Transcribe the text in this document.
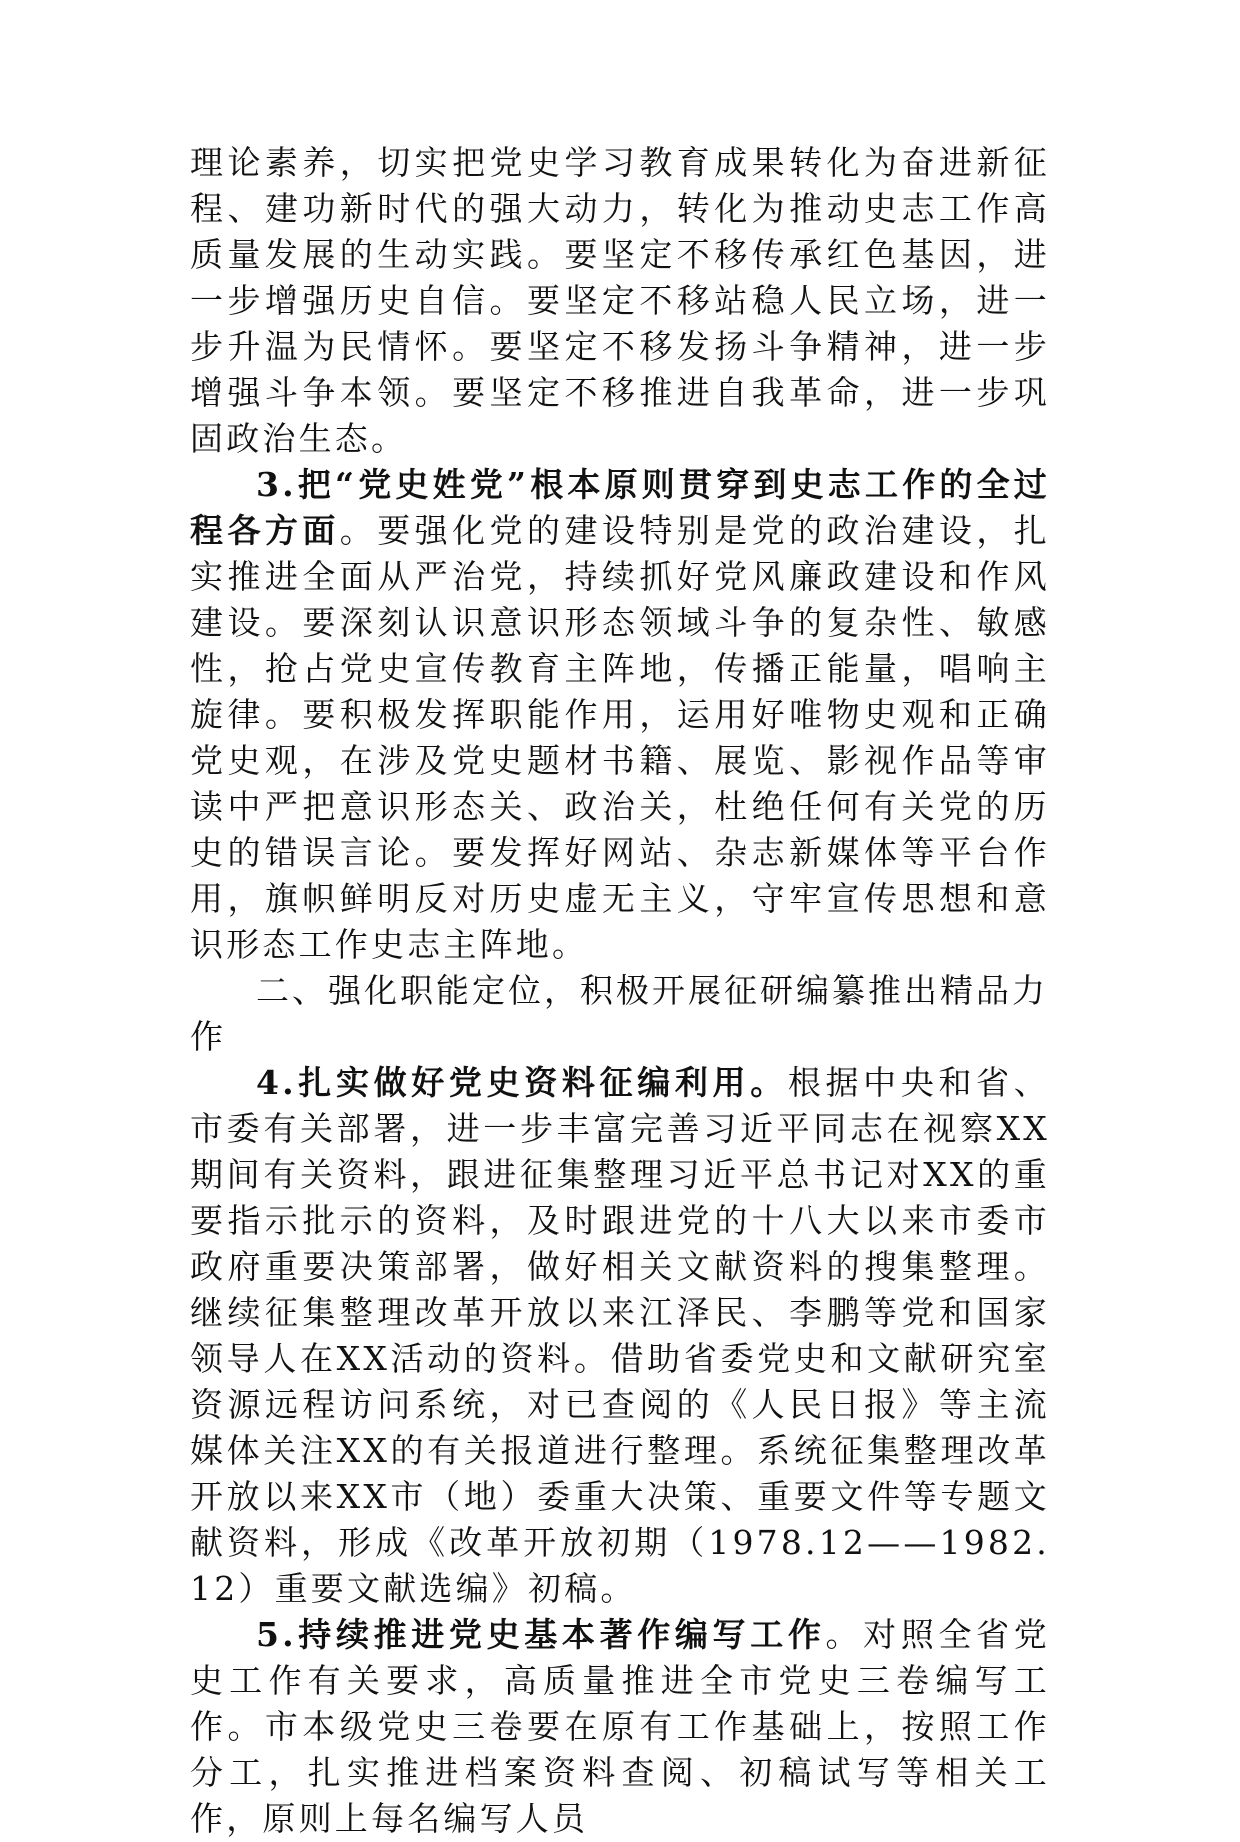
理论素养，切实把党史学习教育成果转化为奋进新征程、建功新时代的强大动力，转化为推动史志工作高质量发展的生动实践。要坚定不移传承红色基因，进一步增强历史自信。要坚定不移站稳人民立场，进一步升温为民情怀。要坚定不移发扬斗争精神，进一步增强斗争本领。要坚定不移推进自我革命，进一步巩固政治生态。

3.把“党史姓党”根本原则贯穿到史志工作的全过程各方面。要强化党的建设特别是党的政治建设，扎实推进全面从严治党，持续抓好党风廉政建设和作风建设。要深刻认识意识形态领域斗争的复杂性、敏感性，抢占党史宣传教育主阵地，传播正能量，唱响主旋律。要积极发挥职能作用，运用好唯物史观和正确党史观，在涉及党史题材书籍、展览、影视作品等审读中严把意识形态关、政治关，杜绝任何有关党的历史的错误言论。要发挥好网站、杂志新媒体等平台作用，旗帜鲜明反对历史虚无主义，守牢宣传思想和意识形态工作史志主阵地。

二、强化职能定位，积极开展征研编纂推出精品力作

4.扎实做好党史资料征编利用。根据中央和省、市委有关部署，进一步丰富完善习近平同志在视察XX期间有关资料，跟进征集整理习近平总书记对XX的重要指示批示的资料，及时跟进党的十八大以来市委市政府重要决策部署，做好相关文献资料的搜集整理。继续征集整理改革开放以来江泽民、李鹏等党和国家领导人在XX活动的资料。借助省委党史和文献研究室资源远程访问系统，对已查阅的《人民日报》等主流媒体关注XX的有关报道进行整理。系统征集整理改革开放以来XX市（地）委重大决策、重要文件等专题文献资料，形成《改革开放初期（1978.12——1982.12）重要文献选编》初稿。

5.持续推进党史基本著作编写工作。对照全省党史工作有关要求，高质量推进全市党史三卷编写工作。市本级党史三卷要在原有工作基础上，按照工作分工，扎实推进档案资料查阅、初稿试写等相关工作，原则上每名编写人员
